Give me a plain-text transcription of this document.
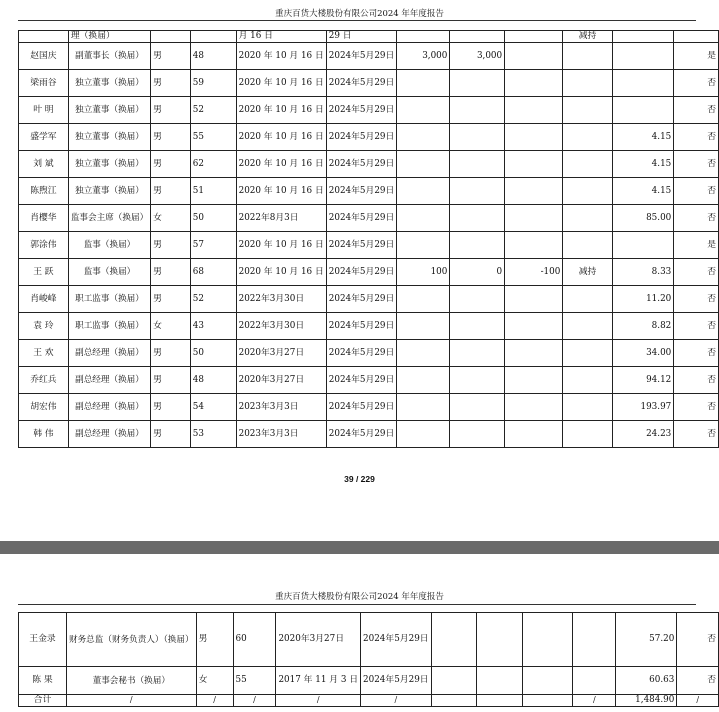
重庆百货大楼股份有限公司2024 年年度报告
	理（换届）			月 16 日	29 日				减持		
赵国庆	副董事长（换届）	男	48	2020 年 10 月 16 日	2024年5月29日	3,000	3,000				是
梁雨谷	独立董事（换届）	男	59	2020 年 10 月 16 日	2024年5月29日						否
叶 明	独立董事（换届）	男	52	2020 年 10 月 16 日	2024年5月29日						否
盛学军	独立董事（换届）	男	55	2020 年 10 月 16 日	2024年5月29日					4.15	否
刘 斌	独立董事（换届）	男	62	2020 年 10 月 16 日	2024年5月29日					4.15	否
陈煦江	独立董事（换届）	男	51	2020 年 10 月 16 日	2024年5月29日					4.15	否
肖樱华	监事会主席（换届）	女	50	2022年8月3日	2024年5月29日					85.00	否
郭涂伟	监事（换届）	男	57	2020 年 10 月 16 日	2024年5月29日						是
王 跃	监事（换届）	男	68	2020 年 10 月 16 日	2024年5月29日	100	0	-100	减持	8.33	否
肖峻峰	职工监事（换届）	男	52	2022年3月30日	2024年5月29日					11.20	否
袁 玲	职工监事（换届）	女	43	2022年3月30日	2024年5月29日					8.82	否
王 欢	副总经理（换届）	男	50	2020年3月27日	2024年5月29日					34.00	否
乔红兵	副总经理（换届）	男	48	2020年3月27日	2024年5月29日					94.12	否
胡宏伟	副总经理（换届）	男	54	2023年3月3日	2024年5月29日					193.97	否
韩 伟	副总经理（换届）	男	53	2023年3月3日	2024年5月29日					24.23	否
39 / 229
重庆百货大楼股份有限公司2024 年年度报告
王金录	财务总监（财务负责人）（换届）	男	60	2020年3月27日	2024年5月29日					57.20	否
陈 果	董事会秘书（换届）	女	55	2017 年 11 月 3 日	2024年5月29日					60.63	否
合计	/	/	/	/	/				/	1,484.90	/
